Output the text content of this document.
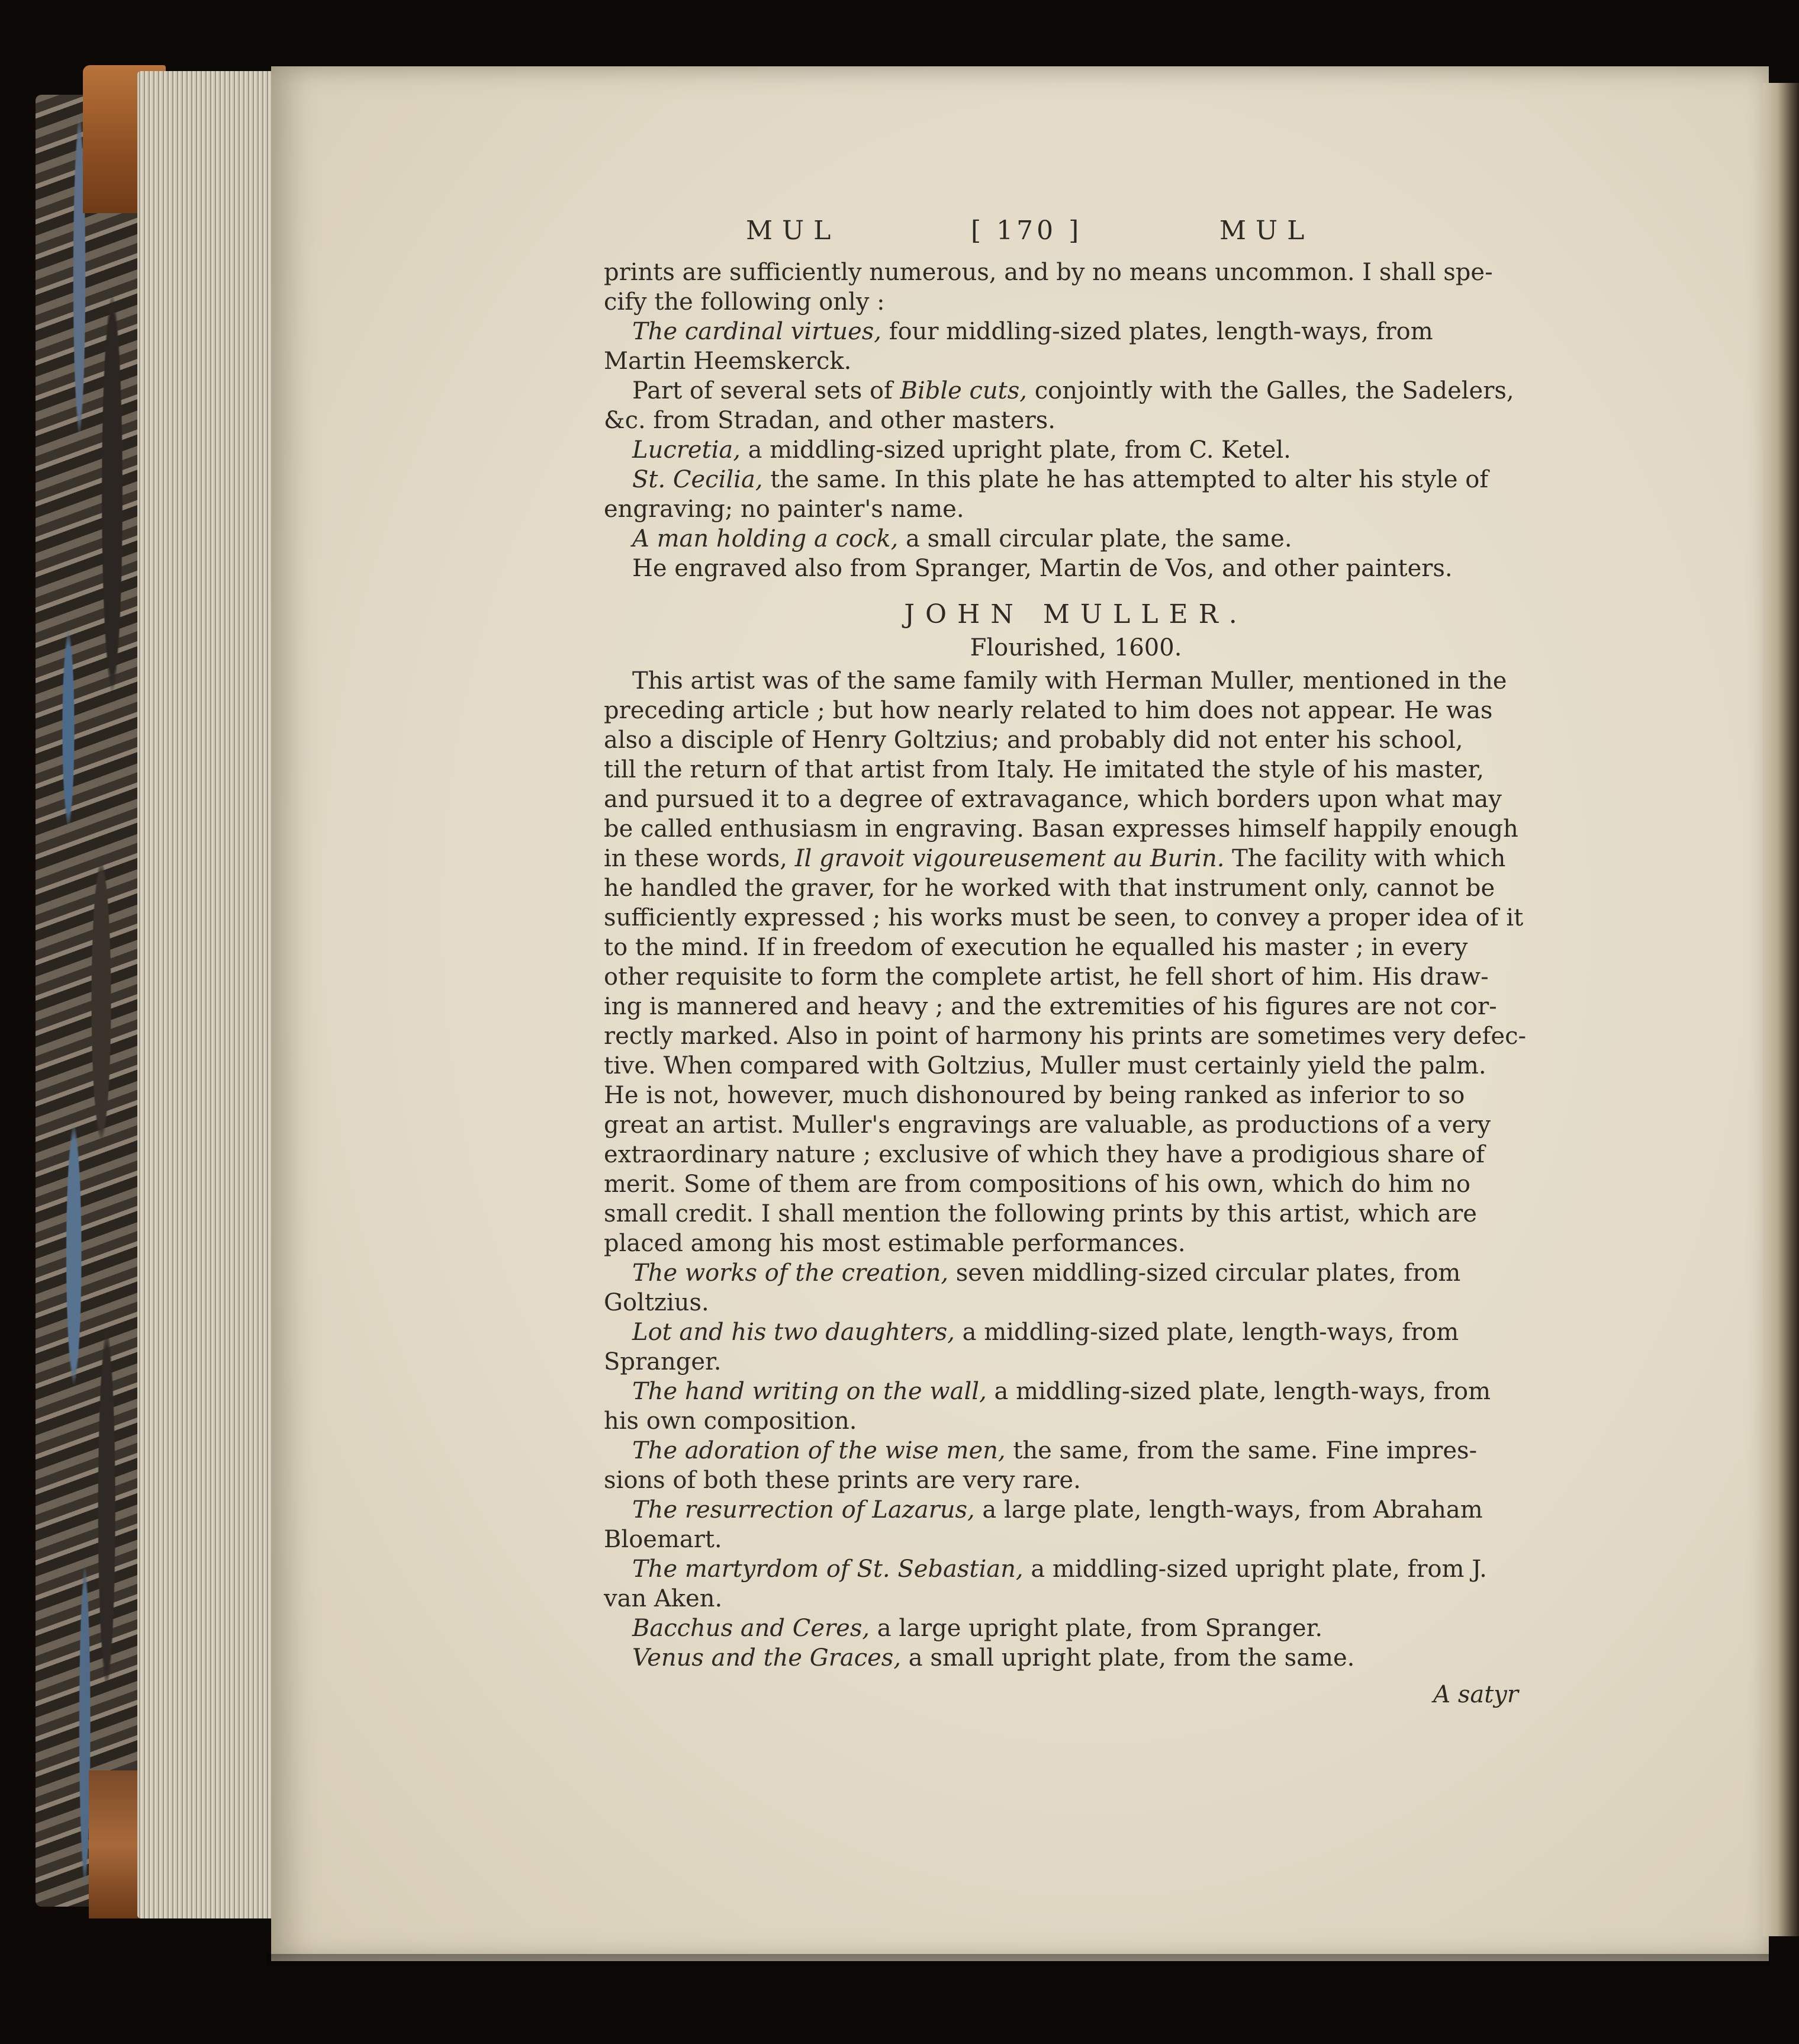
MUL	[ 170 ]	MUL
prints are sufficiently numerous, and by no means uncommon. I shall spe-
cify the following only :
The cardinal virtues, four middling-sized plates, length-ways, from
Martin Heemskerck.
Part of several sets of Bible cuts, conjointly with the Galles, the Sadelers,
&c. from Stradan, and other masters.
Lucretia, a middling-sized upright plate, from C. Ketel.
St. Cecilia, the same. In this plate he has attempted to alter his style of
engraving; no painter's name.
A man holding a cock, a small circular plate, the same.
He engraved also from Spranger, Martin de Vos, and other painters.
JOHN MULLER.
Flourished, 1600.
This artist was of the same family with Herman Muller, mentioned in the
preceding article ; but how nearly related to him does not appear. He was
also a disciple of Henry Goltzius; and probably did not enter his school,
till the return of that artist from Italy. He imitated the style of his master,
and pursued it to a degree of extravagance, which borders upon what may
be called enthusiasm in engraving. Basan expresses himself happily enough
in these words, Il gravoit vigoureusement au Burin. The facility with which
he handled the graver, for he worked with that instrument only, cannot be
sufficiently expressed ; his works must be seen, to convey a proper idea of it
to the mind. If in freedom of execution he equalled his master ; in every
other requisite to form the complete artist, he fell short of him. His draw-
ing is mannered and heavy ; and the extremities of his figures are not cor-
rectly marked. Also in point of harmony his prints are sometimes very defec-
tive. When compared with Goltzius, Muller must certainly yield the palm.
He is not, however, much dishonoured by being ranked as inferior to so
great an artist. Muller's engravings are valuable, as productions of a very
extraordinary nature ; exclusive of which they have a prodigious share of
merit. Some of them are from compositions of his own, which do him no
small credit. I shall mention the following prints by this artist, which are
placed among his most estimable performances.
The works of the creation, seven middling-sized circular plates, from
Goltzius.
Lot and his two daughters, a middling-sized plate, length-ways, from
Spranger.
The hand writing on the wall, a middling-sized plate, length-ways, from
his own composition.
The adoration of the wise men, the same, from the same. Fine impres-
sions of both these prints are very rare.
The resurrection of Lazarus, a large plate, length-ways, from Abraham
Bloemart.
The martyrdom of St. Sebastian, a middling-sized upright plate, from J.
van Aken.
Bacchus and Ceres, a large upright plate, from Spranger.
Venus and the Graces, a small upright plate, from the same.
A satyr
